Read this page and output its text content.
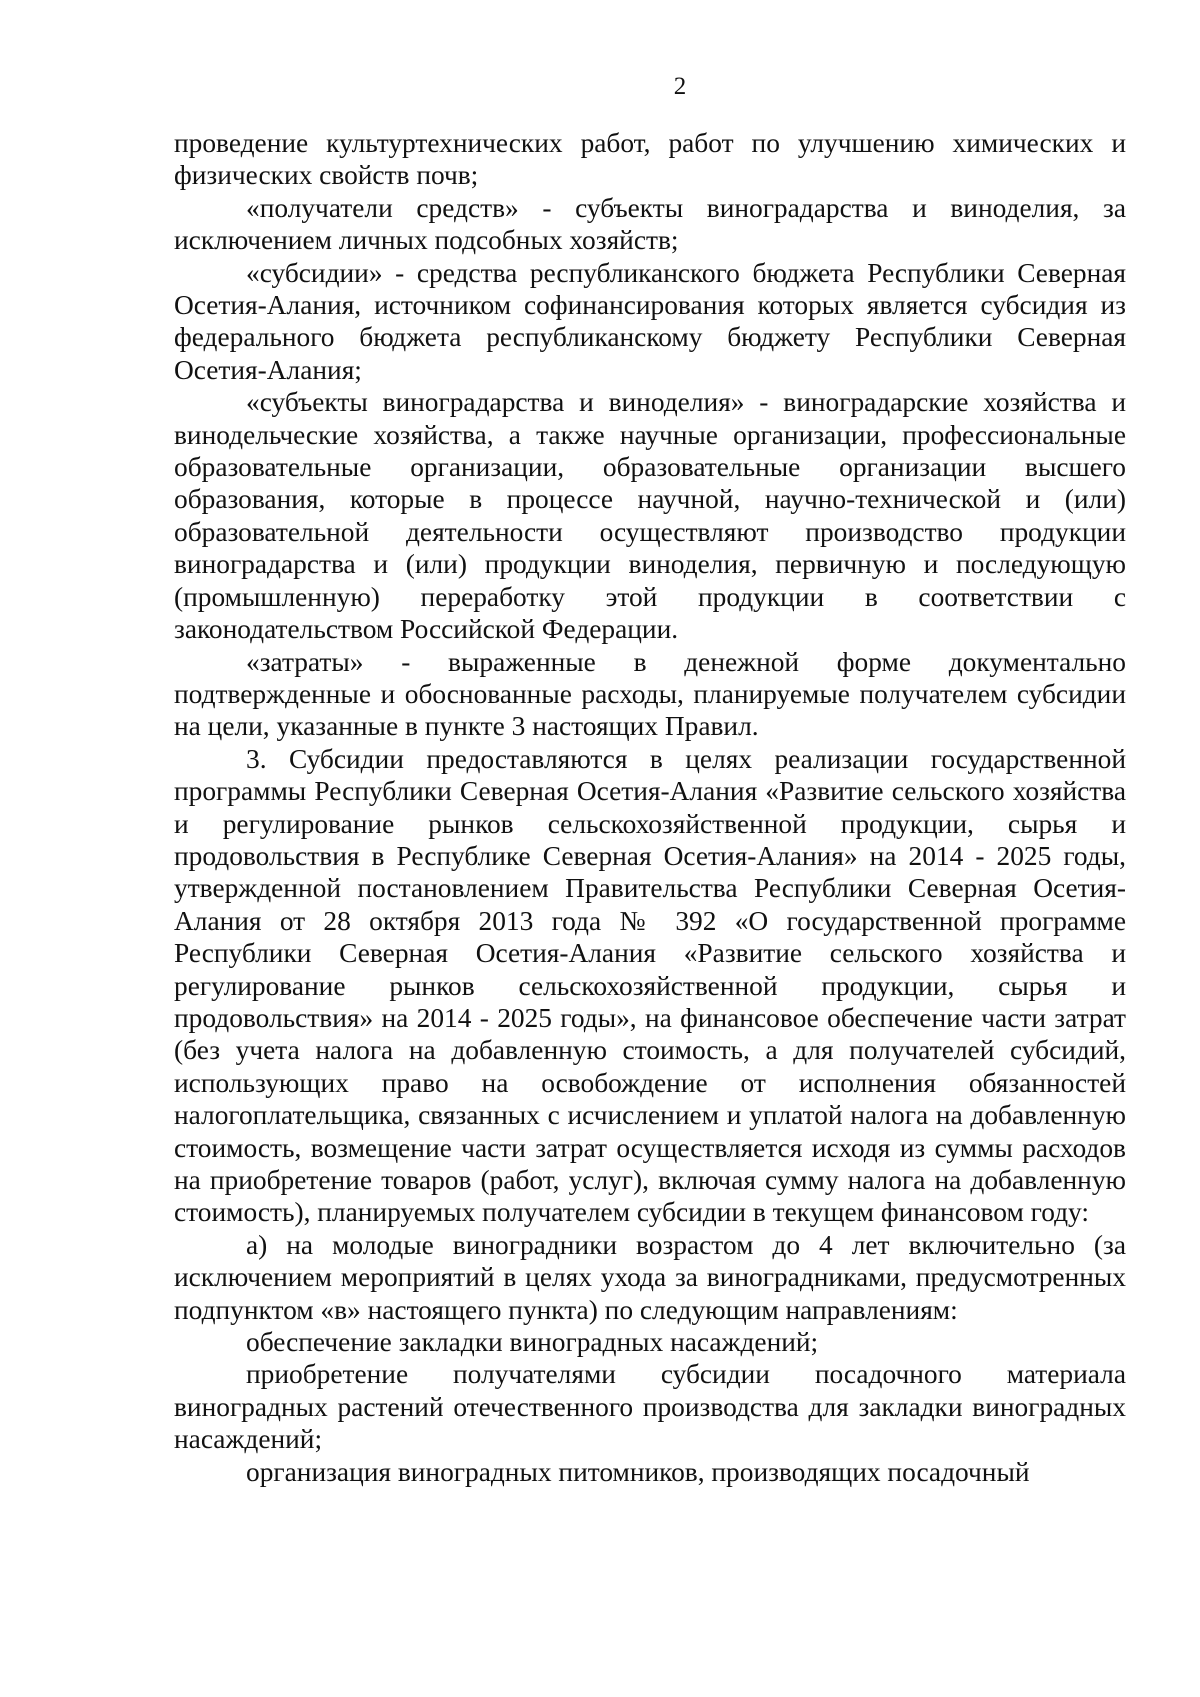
2

проведение культуртехнических работ, работ по улучшению химических и физических свойств почв;

«получатели средств» - субъекты виноградарства и виноделия, за исключением личных подсобных хозяйств;

«субсидии» - средства республиканского бюджета Республики Северная Осетия-Алания, источником софинансирования которых является субсидия из федерального бюджета республиканскому бюджету Республики Северная Осетия-Алания;

«субъекты виноградарства и виноделия» - виноградарские хозяйства и винодельческие хозяйства, а также научные организации, профессиональные образовательные организации, образовательные организации высшего образования, которые в процессе научной, научно-технической и (или) образовательной деятельности осуществляют производство продукции виноградарства и (или) продукции виноделия, первичную и последующую (промышленную) переработку этой продукции в соответствии с законодательством Российской Федерации.

«затраты» - выраженные в денежной форме документально подтвержденные и обоснованные расходы, планируемые получателем субсидии на цели, указанные в пункте 3 настоящих Правил.

3. Субсидии предоставляются в целях реализации государственной программы Республики Северная Осетия-Алания «Развитие сельского хозяйства и регулирование рынков сельскохозяйственной продукции, сырья и продовольствия в Республике Северная Осетия-Алания» на 2014 - 2025 годы, утвержденной постановлением Правительства Республики Северная Осетия-Алания от 28 октября 2013 года № 392 «О государственной программе Республики Северная Осетия-Алания «Развитие сельского хозяйства и регулирование рынков сельскохозяйственной продукции, сырья и продовольствия» на 2014 - 2025 годы», на финансовое обеспечение части затрат (без учета налога на добавленную стоимость, а для получателей субсидий, использующих право на освобождение от исполнения обязанностей налогоплательщика, связанных с исчислением и уплатой налога на добавленную стоимость, возмещение части затрат осуществляется исходя из суммы расходов на приобретение товаров (работ, услуг), включая сумму налога на добавленную стоимость), планируемых получателем субсидии в текущем финансовом году:

а) на молодые виноградники возрастом до 4 лет включительно (за исключением мероприятий в целях ухода за виноградниками, предусмотренных подпунктом «в» настоящего пункта) по следующим направлениям:

обеспечение закладки виноградных насаждений;

приобретение получателями субсидии посадочного материала виноградных растений отечественного производства для закладки виноградных насаждений;

организация виноградных питомников, производящих посадочный
